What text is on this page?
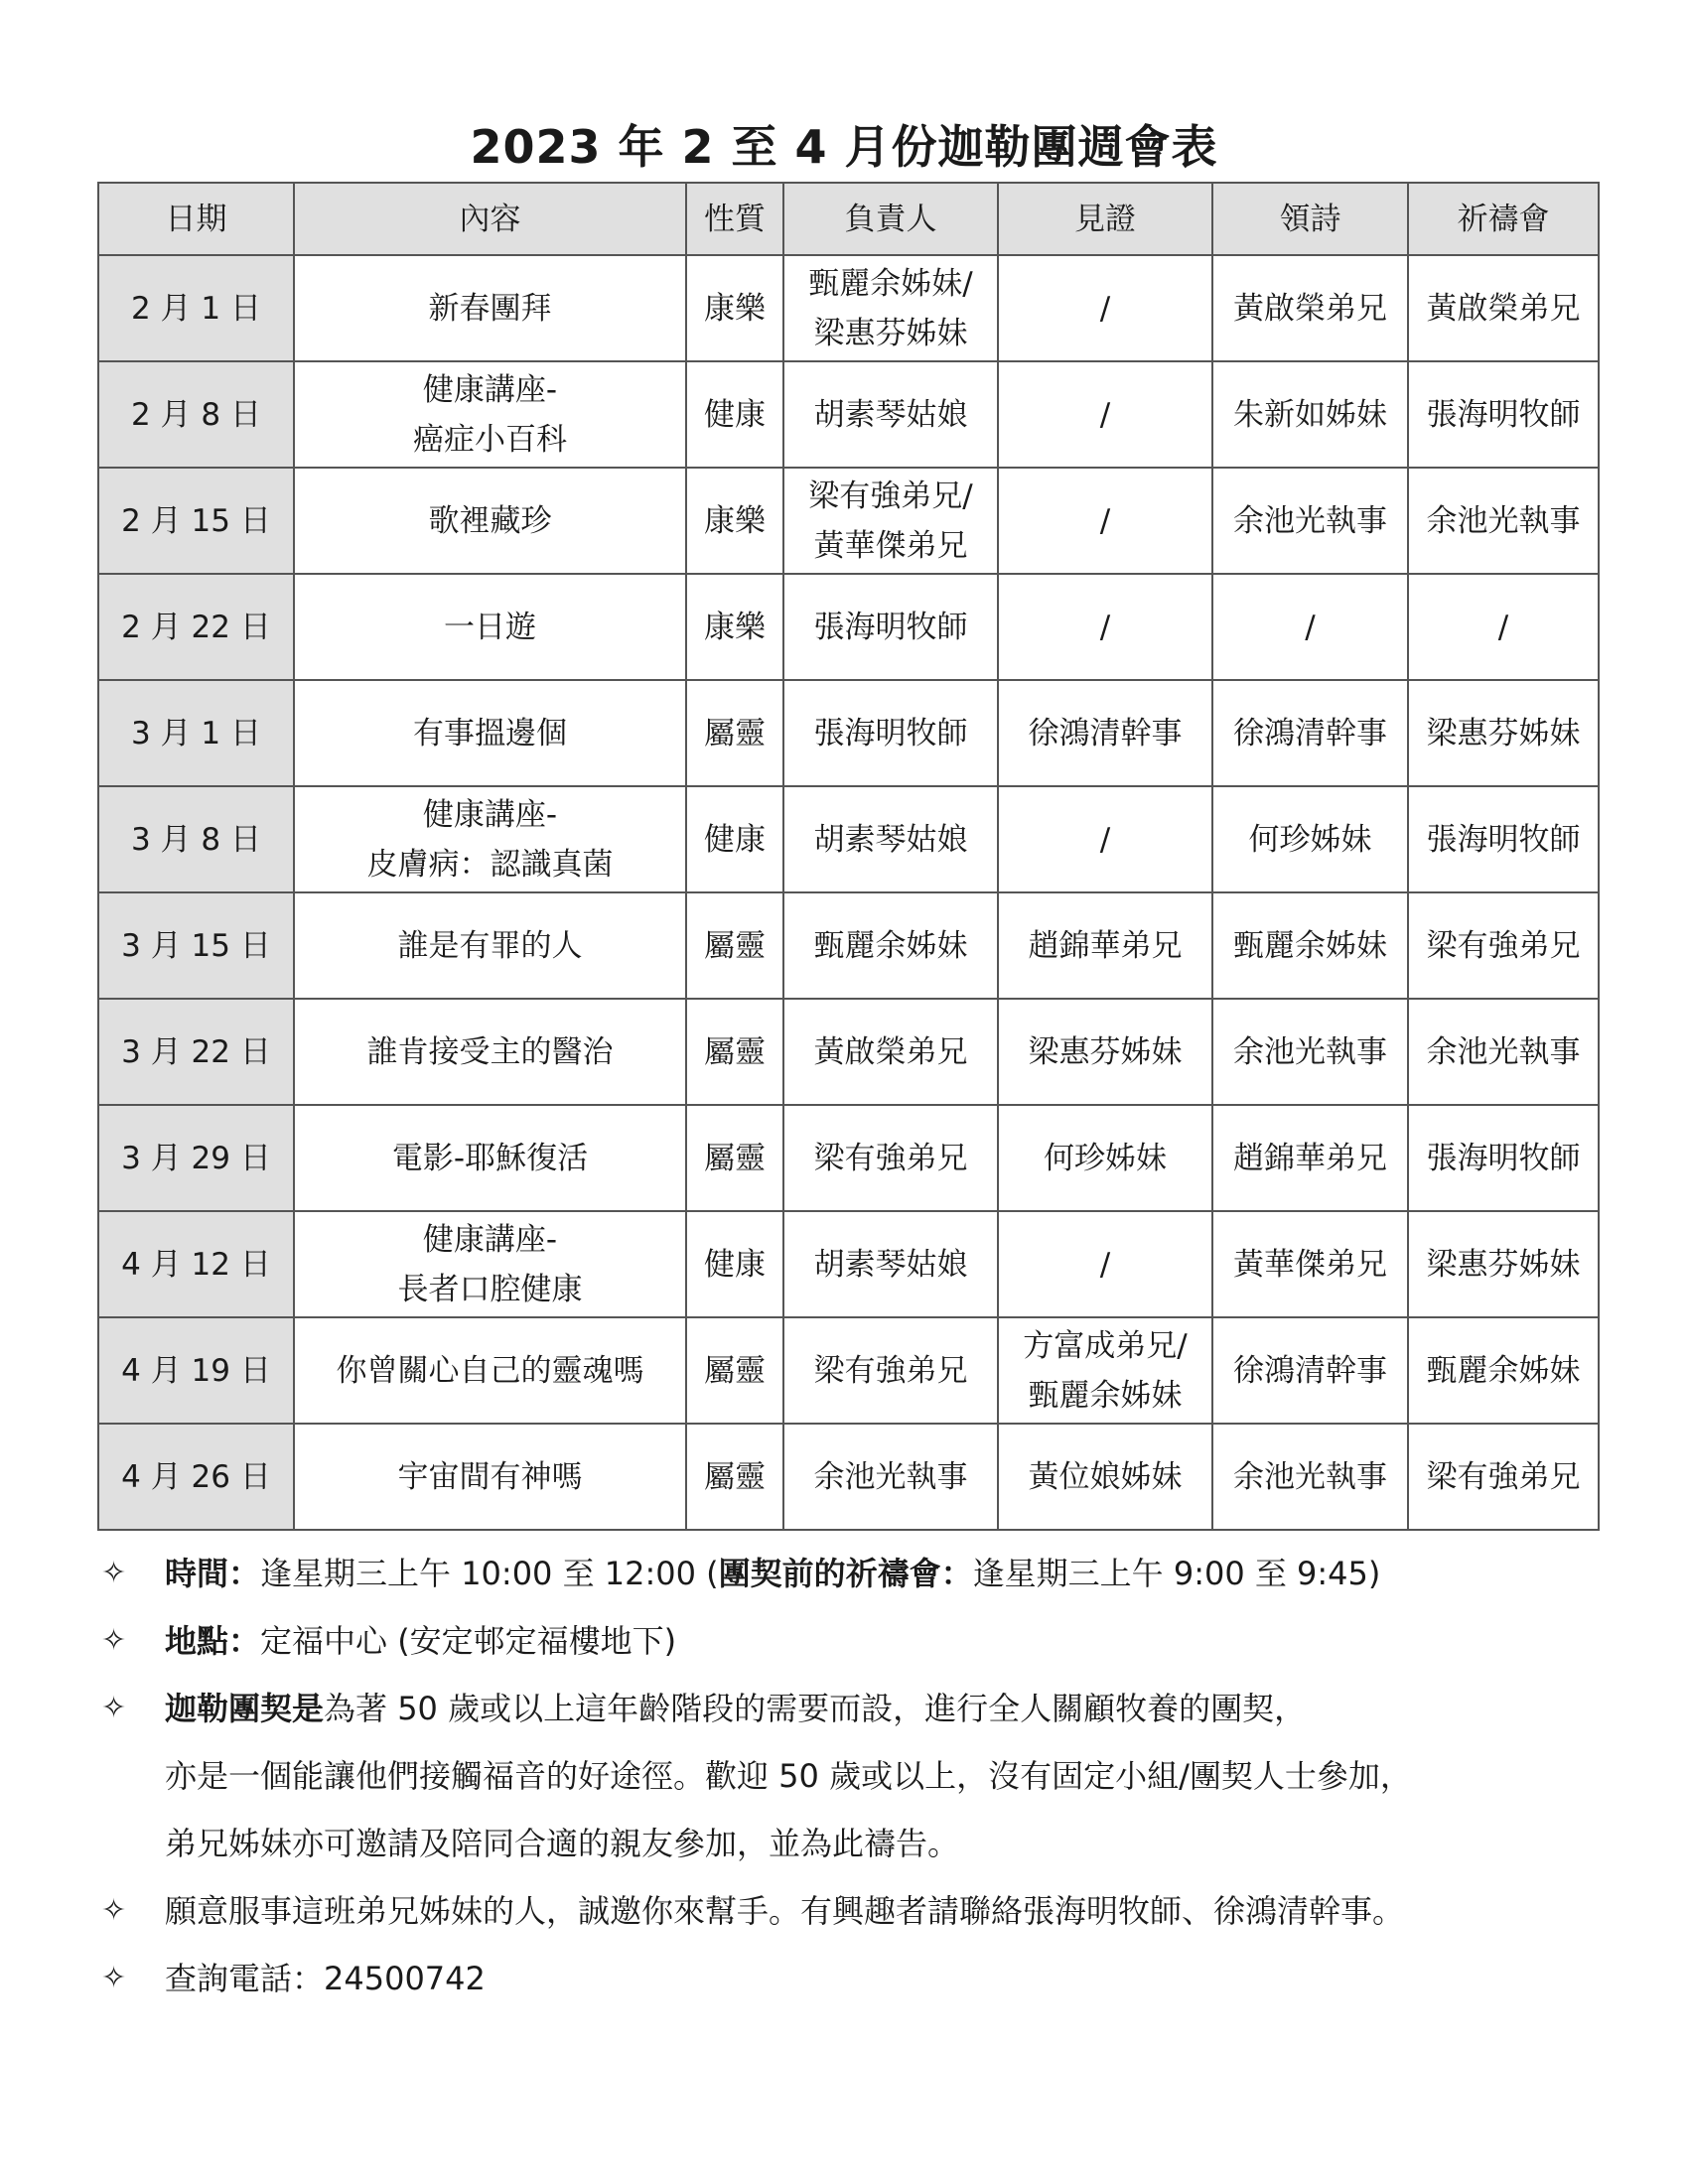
2023 年 2 至 4 月份迦勒團週會表
日期	內容	性質	負責人	見證	領詩	祈禱會
2 月 1 日	新春團拜	康樂	甄麗余姊妹/
梁惠芬姊妹	/	黃啟榮弟兄	黃啟榮弟兄

2 月 8 日	健康講座-
癌症小百科	健康	胡素琴姑娘	/	朱新如姊妹	張海明牧師

2 月 15 日	歌裡藏珍	康樂	梁有強弟兄/
黃華傑弟兄	/	余池光執事	余池光執事

2 月 22 日	一日遊	康樂	張海明牧師	/	/	/

3 月 1 日	有事搵邊個	屬靈	張海明牧師	徐鴻清幹事	徐鴻清幹事	梁惠芬姊妹

3 月 8 日	健康講座-
皮膚病：認識真菌	健康	胡素琴姑娘	/	何珍姊妹	張海明牧師

3 月 15 日	誰是有罪的人	屬靈	甄麗余姊妹	趙錦華弟兄	甄麗余姊妹	梁有強弟兄

3 月 22 日	誰肯接受主的醫治	屬靈	黃啟榮弟兄	梁惠芬姊妹	余池光執事	余池光執事

3 月 29 日	電影-耶穌復活	屬靈	梁有強弟兄	何珍姊妹	趙錦華弟兄	張海明牧師

4 月 12 日	健康講座-
長者口腔健康	健康	胡素琴姑娘	/	黃華傑弟兄	梁惠芬姊妹

4 月 19 日	你曾關心自己的靈魂嗎	屬靈	梁有強弟兄	方富成弟兄/
甄麗余姊妹	徐鴻清幹事	甄麗余姊妹

4 月 26 日	宇宙間有神嗎	屬靈	余池光執事	黃位娘姊妹	余池光執事	梁有強弟兄
✧ 時間：逢星期三上午 10:00 至 12:00 (團契前的祈禱會：逢星期三上午 9:00 至 9:45)
✧ 地點：定福中心 (安定邨定福樓地下)
✧ 迦勒團契是為著 50 歲或以上這年齡階段的需要而設，進行全人關顧牧養的團契，
亦是一個能讓他們接觸福音的好途徑。歡迎 50 歲或以上，沒有固定小組/團契人士參加，
弟兄姊妹亦可邀請及陪同合適的親友參加，並為此禱告。
✧ 願意服事這班弟兄姊妹的人，誠邀你來幫手。有興趣者請聯絡張海明牧師、徐鴻清幹事。
✧ 查詢電話：24500742
